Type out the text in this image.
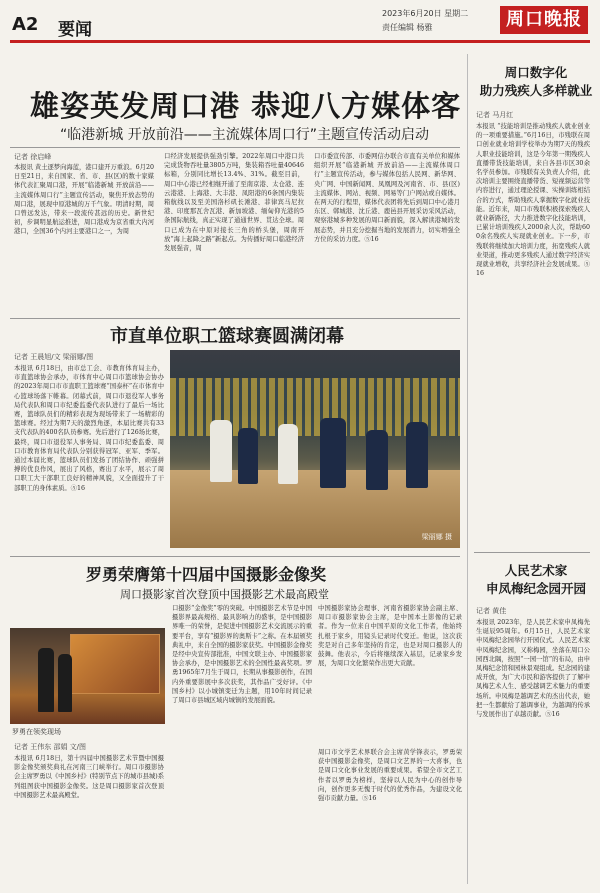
A2 要闻
2023年6月20日 星期二
责任编辑 杨雅	周口晚报
雄姿英发周口港 恭迎八方媒体客
“临港新城 开放前沿——主流媒体周口行”主题宣传活动启动
记者 徐启峰
本报讯 黄土逐梦向海蓝，港口建开万重浪。6月20日至21日，来自国家、省、市、县(区)的数十家媒体代表汇聚周口港，开展“临港新城 开放前沿——主流媒体周口行”主题宣传活动，聚焦开放态势的周口港，展现中原港城的万千气象。明清时期，周口曾远发达，带来一段流传甚远的历史。新世纪初，步调明显航运推进，周口港成为京省重大内河港口，全国36个内河主要港口之一，为周
口经济发展提供强劲引擎。2022年周口中港口共完成货物吞吐量3805万吨，集装箱吞吐量40646标箱，分别同比增长13.4%、31%。截至目前，周口中心港已经相继开通了至南京港、太仓港、连云港港、上海港、大丰港、凤阳港的6条国内集装箱航线以及至美国洛杉矶长滩港、菲律宾马尼拉港、印度那瓦舍瓦港、新加坡港、缅甸仰光港的5条国际航线，真正实现了通通世界、贯达全球。周口已成为在中原对接长三角的桥头堡，周南开放“海上起降之路”新起点。为传播好周口临港经济发展强音，周
口市委宣传部、市委网信办联合市直有关单位和媒体组织开展“临港新城 开放前沿——主流媒体周口行”主题宣传活动，参与媒体包括人民网、新华网、央广网、中国新闻网、凤凰网及河南省、市、县(区)主流媒体、网站、视频、网易等门户网站或自媒体。在两天的行程里，媒体代表团将先后到周口中心港月东区、郸城港、沈丘港、鹿邑县开展采访采风活动，观察港城多种发展的周口新面貌，深入解读港城的发展态势，并且充分挖掘当地的发展潜力，切实增强全方位的采访力度。⑤16
市直单位职工篮球赛圆满闭幕
记者 王晨旭/文 梁丽娜/图
本报讯 6月18日，由市总工会、市教育体育局主办，市直篮球协会承办，市体育中心周口市篮球协会协办的2023年周口市市直职工篮球赛“国泰杯”在市体育中心篮球场落下帷幕。闭幕式前，周口市退役军人事务局代表队和周口市纪委监委代表队进行了最后一场比赛，篮球队员们的精彩表现为现场带来了一场精彩的篮球赛。经过为期7天的激烈角逐，本届比赛共有33支代表队的400名队员参赛。先后进行了126场比赛，最终，周口市退役军人事务局、周口市纪委监委、周口市教育体育局代表队分别获得冠军、亚军、季军。通过本届比赛，篮球队员们发扬了团结协作、顽强拼搏的优良作风，展出了风格，赛出了水平，展示了周口职工大干部职工良好的精神风貌，又全面提升了干部职工的身体素质。⑤16
梁丽娜 摄
罗勇荣膺第十四届中国摄影金像奖
周口摄影家首次登顶中国摄影艺术最高殿堂
罗勇在领奖现场
记者 王伟东 邵娟 文/图
本报讯 6月18日，第十四届中国摄影艺术节暨中国摄影金像奖颁奖典礼在河南三门峡举行。周口市摄影协会主席罗勇以《中国乡村》(特别节点下的城市县城)系列组图获中国摄影金像奖。这是周口摄影家首次登顶中国摄影艺术最高殿堂。
口摄影“金像奖”零的突破。中国摄影艺术节是中国摄影界最高规格、最具影响力的盛事，是中国摄影界唯一的荣誉，是促进中国摄影艺术交流展示的重要平台，享有“摄影界的奥斯卡”之称。在本届颁奖典礼中，来自全国的摄影家获奖。中国摄影金像奖是经中央宣传部批准，中国文联主办、中国摄影家协会承办，是中国摄影艺术的全国性最高奖项。罗勇1965年7月生于周口，长期从事摄影创作，在国内外重要影展中多次获奖，其作品广受好评。《中国乡村》以小城镇变迁为主题，用10年时间记录了周口市县城区域内城镇的发展面貌。
中国摄影家协会理事、河南省摄影家协会副主席、周口市摄影家协会主席，是中国本土影像的记录者。作为一位来自中国平原的文化工作者，他始终扎根于家乡，用镜头记录时代变迁。他说，这次获奖是对自己多年坚持的肯定，也是对周口摄影人的鼓舞。他表示，今后将继续深入基层，记录家乡发展，为周口文化繁荣作出更大贡献。
周口市文学艺术界联合会主席黄学锋表示，罗勇荣获中国摄影金像奖，是周口文艺界的一大喜事，也是周口文化事业发展的重要成果。希望全市文艺工作者以罗勇为榜样，坚持以人民为中心的创作导向，创作更多无愧于时代的优秀作品，为建设文化强市贡献力量。⑤16
周口数字化
助力残疾人多样就业
记者 马月红
本报讯 “技能培训是推动残疾人就业创业的一项重要措施。”6月16日，市残联在周口创业就业培训学校举办为期7天的残疾人职业技能培训，这是今年第一期残疾人直播带货技能培训，来自各县市区30余名学员参加。市残联有关负责人介绍，此次培训主要围绕直播带货、短视频运营等内容进行，通过理论授课、实操训练相结合的方式，帮助残疾人掌握数字化就业技能。近年来，周口市残联积极探索残疾人就业新路径，大力推进数字化技能培训，已累计培训残疾人2000余人次，帮助600余名残疾人实现就业创业。下一步，市残联将继续加大培训力度，拓宽残疾人就业渠道，推动更多残疾人通过数字经济实现就业增收，共享经济社会发展成果。⑤16
人民艺术家
申凤梅纪念园开园
记者 黄佳
本报讯 2023年，是人民艺术家申凤梅先生诞辰95周年。6月15日，人民艺术家申凤梅纪念园举行开园仪式。人民艺术家申凤梅纪念园，又称梅园，坐落在周口公园西北隅，按照“一园一馆”的布局，由申凤梅纪念馆和园林景观组成。纪念园的建成开放，为广大市民和游客提供了了解申凤梅艺术人生、感受越调艺术魅力的重要场所。申凤梅是越调艺术的杰出代表，她把一生都献给了越调事业，为越调的传承与发展作出了卓越贡献。⑤16
